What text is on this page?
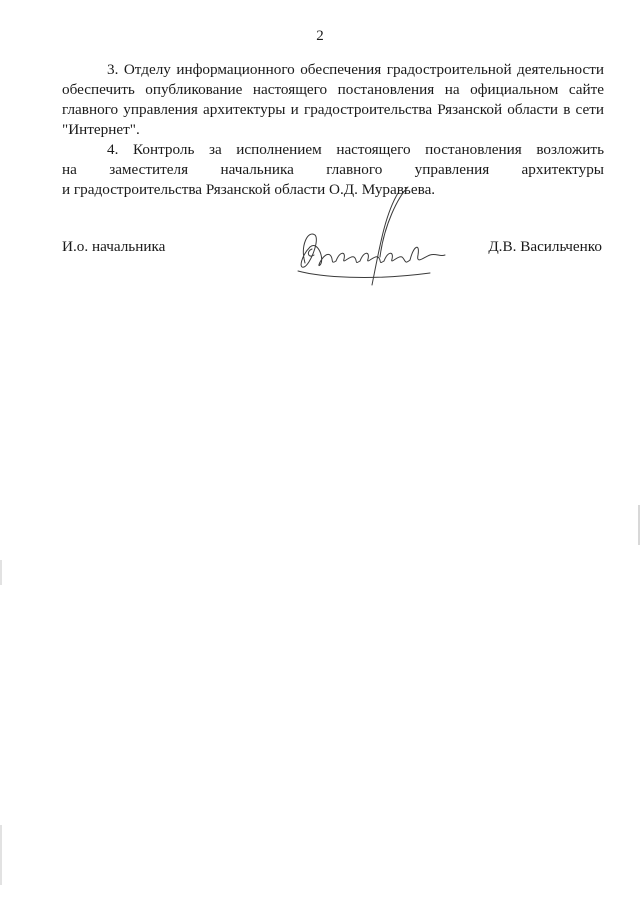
2

3. Отделу информационного обеспечения градостроительной деятельности
обеспечить опубликование настоящего постановления на официальном сайте
главного управления архитектуры и градостроительства Рязанской области в сети
"Интернет".

4. Контроль за исполнением настоящего постановления возложить
на заместителя начальника главного управления архитектуры
и градостроительства Рязанской области О.Д. Муравьева.

И.о. начальника	Д.В. Васильченко
